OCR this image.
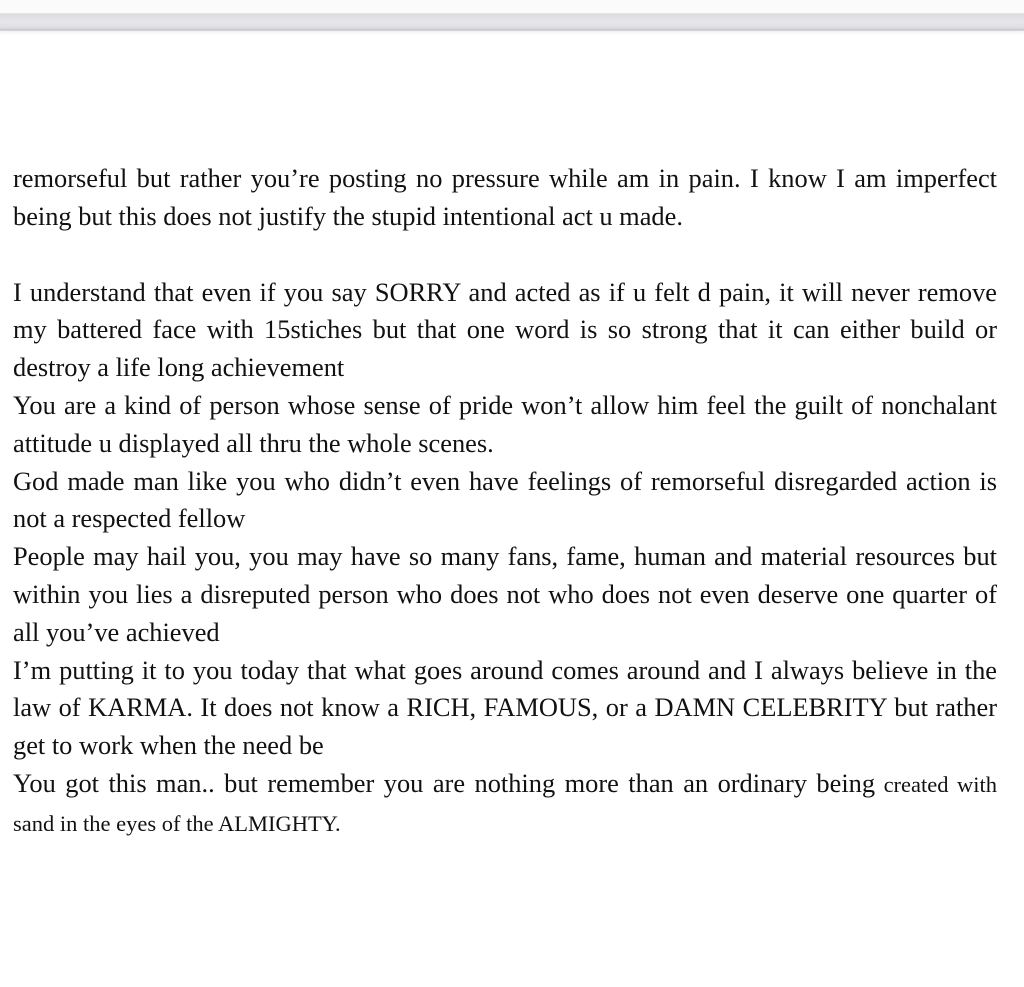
remorseful but rather you’re posting no pressure while am in pain. I know I am imperfect being but this does not justify the stupid intentional act u made.

I understand that even if you say SORRY and acted as if u felt d pain, it will never remove my battered face with 15stiches but that one word is so strong that it can either build or destroy a life long achievement

You are a kind of person whose sense of pride won’t allow him feel the guilt of nonchalant attitude u displayed all thru the whole scenes.

God made man like you who didn’t even have feelings of remorseful disregarded action is not a respected fellow

People may hail you, you may have so many fans, fame, human and material resources but within you lies a disreputed person who does not who does not even deserve one quarter of all you’ve achieved

I’m putting it to you today that what goes around comes around and I always believe in the law of KARMA. It does not know a RICH, FAMOUS, or a DAMN CELEBRITY but rather get to work when the need be

You got this man.. but remember you are nothing more than an ordinary being created with sand in the eyes of the ALMIGHTY.
